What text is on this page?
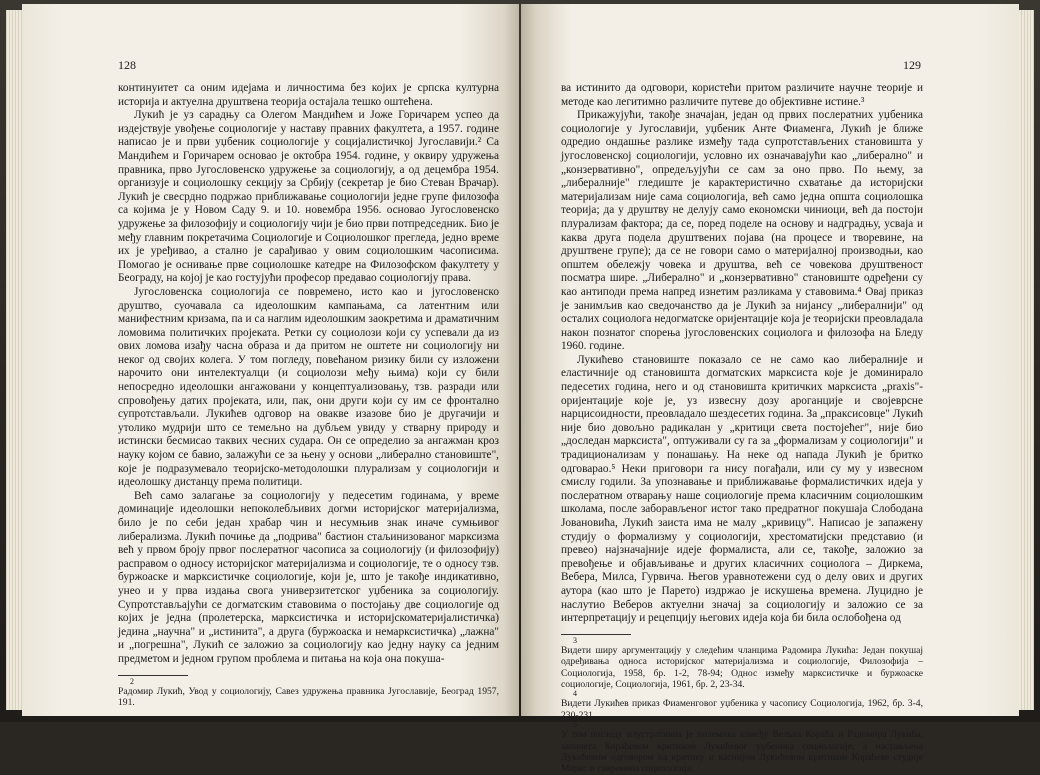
128

континуитет са оним идејама и личностима без којих је српска културна историја и актуелна друштвена теорија остајала тешко оштећена.

Лукић је уз сарадњу са Олегом Мандићем и Јоже Горичарем успео да издејствује увођење социологије у наставу правних факултета, а 1957. године написао је и први уџбеник социологије у социјалистичкој Југославији.² Са Мандићем и Горичарем основао је октобра 1954. године, у оквиру удружења правника, прво Југословенско удружење за социологију, а од децембра 1954. организује и социолошку секцију за Србију (секретар је био Стеван Врачар). Лукић је свесрдно подржао приближавање социологији једне групе филозофа са којима је у Новом Саду 9. и 10. новембра 1956. основао Југословенско удружење за филозофију и социологију чији је био први потпредседник. Био је међу главним покретачима Социологије и Социолошког прегледа, једно време их је уређивао, а стално је сарађивао у овим социолошким часописима. Помогао је оснивање прве социолошке катедре на Филозофском факултету у Београду, на којој је као гостујући професор предавао социологију права.

Југословенска социологија се повремено, исто као и југословенско друштво, суочавала са идеолошким кампањама, са латентним или манифестним кризама, па и са наглим идеолошким заокретима и драматичним ломовима политичких пројеката. Ретки су социолози који су успевали да из ових ломова изађу часна образа и да притом не оштете ни социологију ни неког од својих колега. У том погледу, повећаном ризику били су изложени нарочито они интелектуалци (и социолози међу њима) који су били непосредно идеолошки ангажовани у концептуализовању, тзв. разради или спровођењу датих пројеката, или, пак, они други који су им се фронтално супротстављали. Лукићев одговор на овакве изазове био је другачији и утолико мудрији што се темељно на дубљем увиду у стварну природу и истински бесмисао таквих чесних судара. Он се определио за ангажман кроз науку којом се бавио, залажући се за њену у основи „либерално становиште", које је подразумевало теоријско-методолошки плурализам у социологији и идеолошку дистанцу према политици.

Већ само залагање за социологију у педесетим годинама, у време доминације идеолошки непоколебљивих догми историјског материјализма, било је по себи један храбар чин и несумњив знак иначе сумњивог либерализма. Лукић почиње да „подрива" бастион стаљинизованог марксизма већ у првом броју првог послератног часописа за социологију (и филозофију) расправом о односу историјског материјализма и социологије, те о односу тзв. буржоаске и марксистичке социологије, који је, што је такође индикативно, унео и у прва издања свога универзитетског уџбеника за социологију. Супротстављајући се догматским ставовима о постојању две социологије од којих је једна (пролетерска, марксистичка и историјскоматеријалистичка) једина „научна" и „истинита", а друга (буржоаска и немарксистичка) „лажна" и „погрешна", Лукић се заложио за социологију као једну науку са једним предметом и једном групом проблема и питања на која она покуша-

2
Радомир Лукић, Увод у социологију, Савез удружења правника Југославије, Београд 1957, 191.
129

ва истинито да одговори, користећи притом различите научне теорије и методе као легитимно различите путеве до објективне истине.³

Прикажујући, такође значајан, један од првих послератних уџбеника социологије у Југославији, уџбеник Анте Фиаменга, Лукић је ближе одредио ондашње разлике између тада супротстављених становишта у југословенској социологији, условно их означавајући као „либерално" и „конзервативно", опредељујући се сам за оно прво. По њему, за „либералније" гледиште је карактеристично схватање да историјски материјализам није сама социологија, већ само једна општа социолошка теорија; да у друштву не делују само економски чиниоци, већ да постоји плурализам фактора; да се, поред поделе на основу и надградњу, усваја и каква друга подела друштвених појава (на процесе и творевине, на друштвене групе); да се не говори само о материјалној производњи, као општем обележју човека и друштва, већ се човекова друштвеност посматра шире. „Либерално" и „конзервативно" становиште одређени су као антиподи према напред изнетим разликама у ставовима.⁴ Овај приказ је занимљив као сведочанство да је Лукић за нијансу „либералнији" од осталих социолога недогматске оријентације која је теоријски преовладала након познатог спорења југословенских социолога и филозофа на Бледу 1960. године.

Лукићево становиште показало се не само као либералније и еластичније од становишта догматских марксиста које је доминирало педесетих година, него и од становишта критичких марксиста „praxis"-оријентације које је, уз извесну дозу ароганције и својеврсне нарцисоидности, преовладало шездесетих година. За „праксисовце" Лукић није био довољно радикалан у „критици света постојећег", није био „доследан марксиста", оптуживали су га за „формализам у социологији" и традиционализам у понашању. На неке од напада Лукић је бритко одговарао.⁵ Неки приговори га нису погађали, или су му у извесном смислу годили. За упознавање и приближавање формалистичких идеја у послератном отварању наше социологије према класичним социолошким школама, после заборављеног истог тако предратног покушаја Слободана Јовановића, Лукић заиста има не малу „кривицу". Написао је запажену студију о формализму у социологији, хрестоматијски представио (и превео) најзначајније идеје формалиста, али се, такође, заложио за превођење и објављивање и других класичних социолога – Диркема, Вебера, Милса, Гурвича. Његов уравнотежени суд о делу ових и других аутора (као што је Парето) издржао је искушења времена. Луцидно је наслутио Веберов актуелни значај за социологију и заложио се за интерпретацију и рецепцију његових идеја која би била ослобођена од

3
Видети ширу аргументацију у следећим чланцима Радомира Лукића: Један покушај одређивања односа историјског материјализма и социологије, Филозофија – Социологија, 1958, бр. 1-2, 78-94; Однос између марксистичке и буржоаске социологије, Социологија, 1961, бр. 2, 23-34.
4
Видети Лукићев приказ Фиаменговог уџбеника у часопису Социологија, 1962, бр. 3-4, 230-231.
5
У том погледу илустративна је полемика између Велька Кораћа и Радомира Лукића, започета Кораћевом критиком Лукићевог уџбеника социологије, а настављена Лукићевим одговором на критику и каснијом Лукићевом критиком Кораћеве студије Маркс и савремена социологија.
